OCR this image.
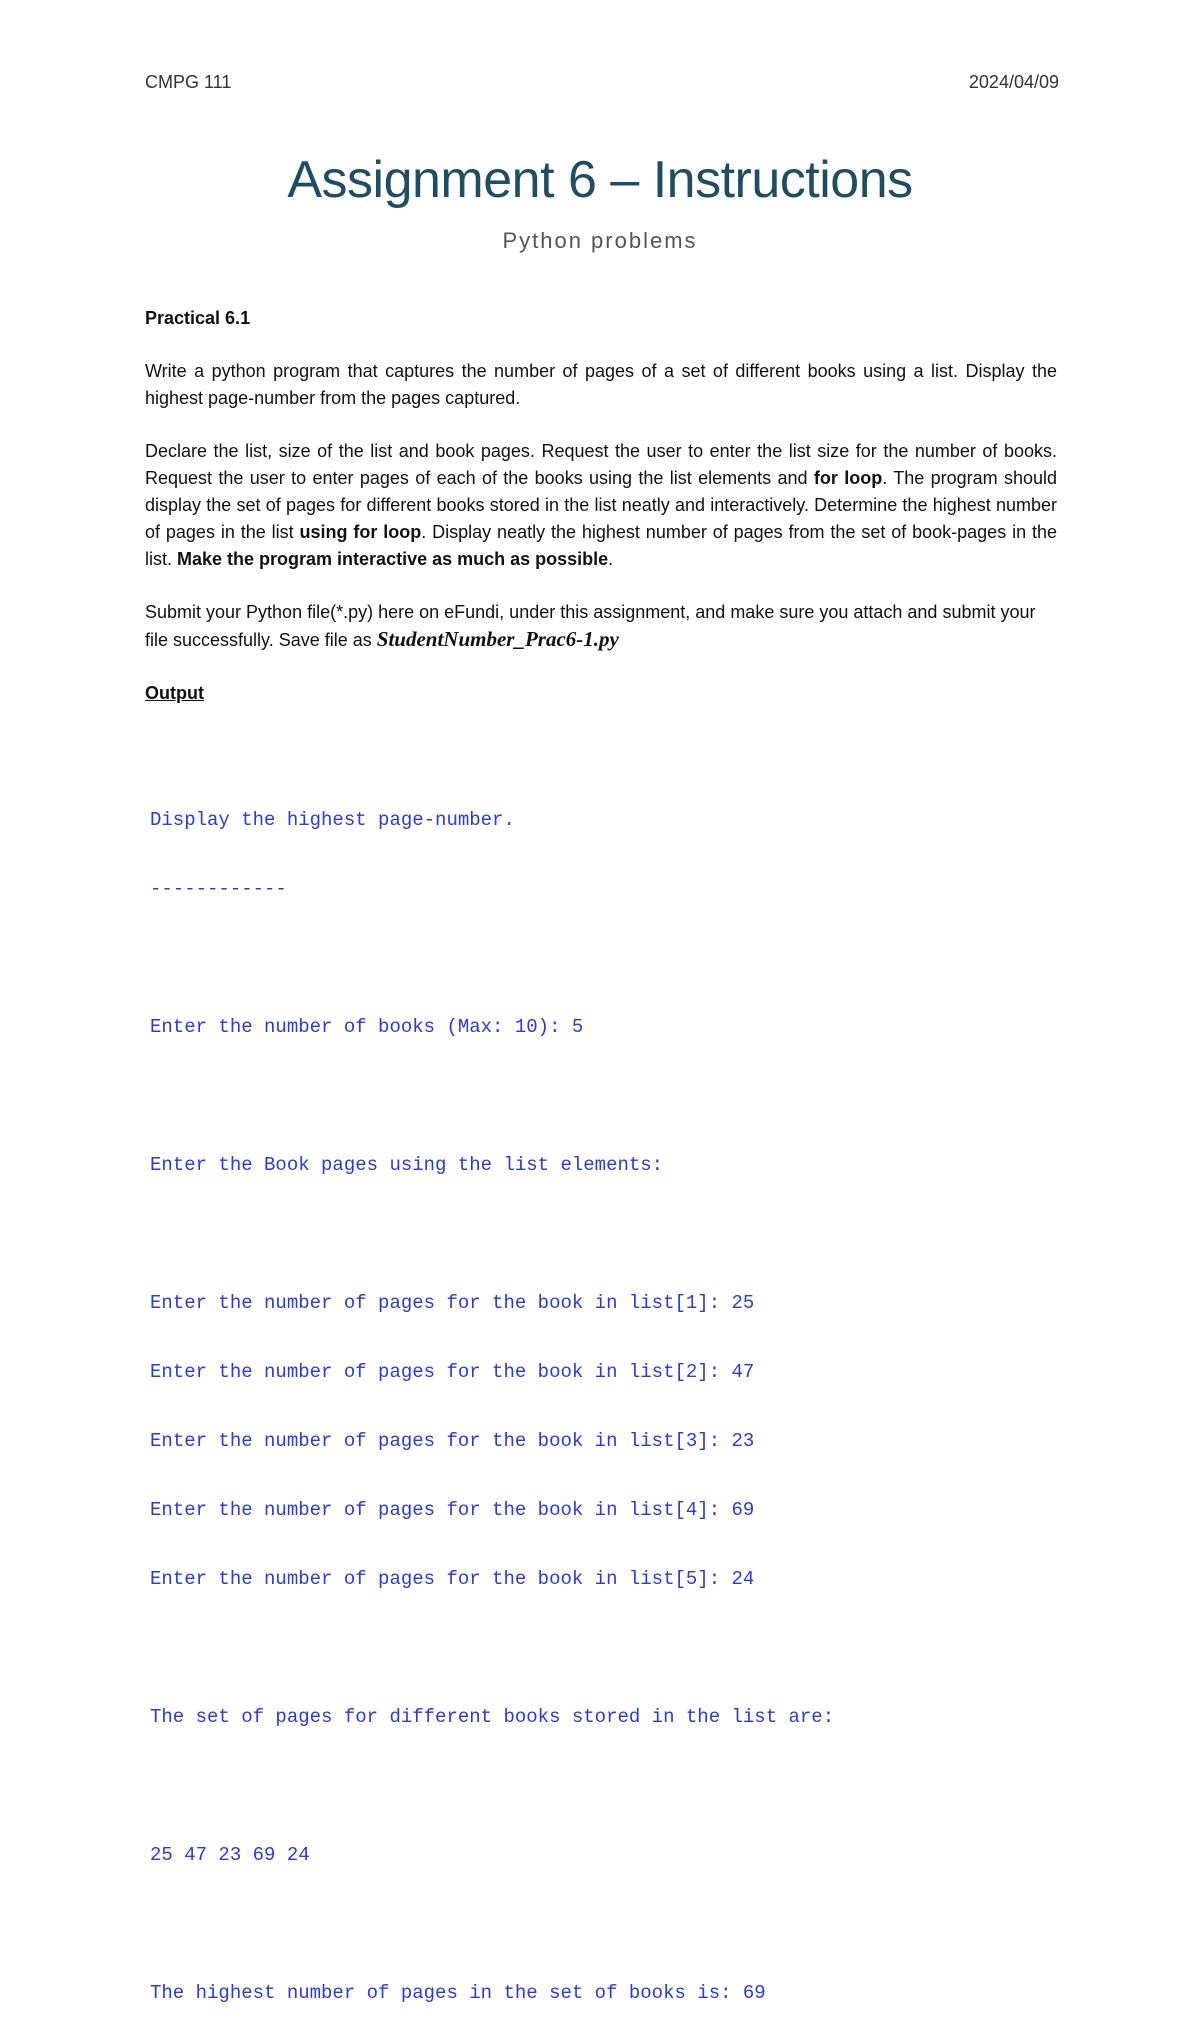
CMPG 111	2024/04/09
Assignment 6 – Instructions
Python problems

Practical 6.1

Write a python program that captures the number of pages of a set of different books using a list. Display the highest page-number from the pages captured.

Declare the list, size of the list and book pages. Request the user to enter the list size for the number of books. Request the user to enter pages of each of the books using the list elements and for loop. The program should display the set of pages for different books stored in the list neatly and interactively. Determine the highest number of pages in the list using for loop. Display neatly the highest number of pages from the set of book-pages in the list. Make the program interactive as much as possible.

Submit your Python file(*.py) here on eFundi, under this assignment, and make sure you attach and submit your file successfully. Save file as StudentNumber_Prac6-1.py

Output

Display the highest page-number.

------------

Enter the number of books (Max: 10): 5

Enter the Book pages using the list elements:

Enter the number of pages for the book in list[1]: 25

Enter the number of pages for the book in list[2]: 47

Enter the number of pages for the book in list[3]: 23

Enter the number of pages for the book in list[4]: 69

Enter the number of pages for the book in list[5]: 24

The set of pages for different books stored in the list are:

25 47 23 69 24

The highest number of pages in the set of books is: 69
